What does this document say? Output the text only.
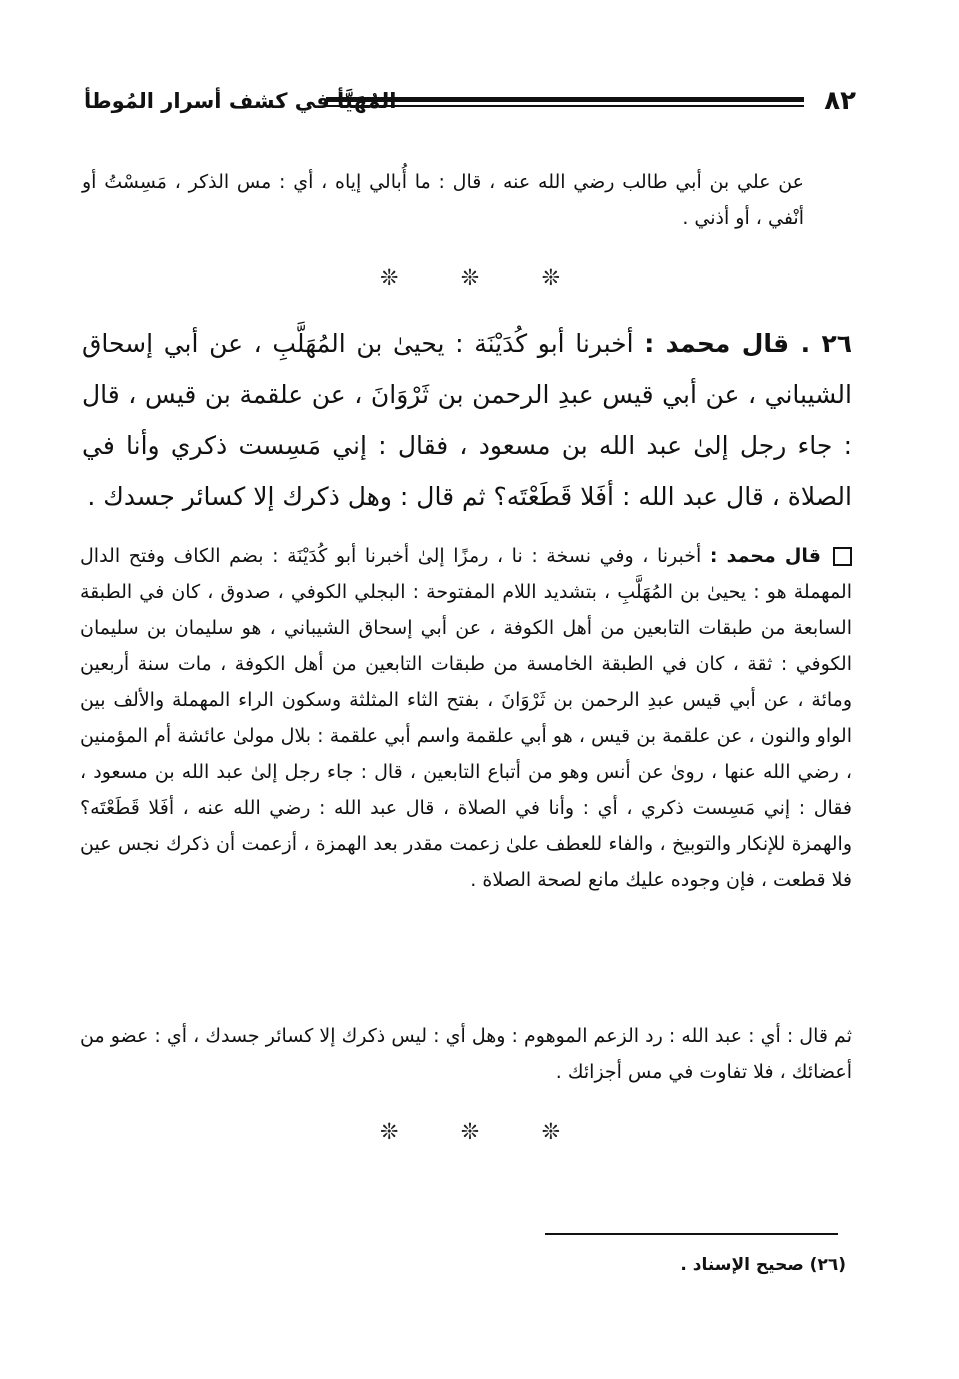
٨٢
المُهَيَّأ في كشف أسرار المُوطأ

عن علي بن أبي طالب رضي الله عنه ، قال : ما أُبالي إياه ، أي : مس الذكر ، مَسِسْتُ أو أنْفي ، أو أذني .

❊	❊	❊

٢٦ . قال محمد : أخبرنا أبو كُدَيْنَة : يحيىٰ بن المُهَلَّبِ ، عن أبي إسحاق الشيباني ، عن أبي قيس عبدِ الرحمن بن ثَرْوَانَ ، عن علقمة بن قيس ، قال : جاء رجل إلىٰ عبد الله بن مسعود ، فقال : إني مَسِست ذكري وأنا في الصلاة ، قال عبد الله : أفَلا قَطَعْتَه؟ ثم قال : وهل ذكرك إلا كسائر جسدك .

قال محمد : أخبرنا ، وفي نسخة : نا ، رمزًا إلىٰ أخبرنا أبو كُدَيْنَة : بضم الكاف وفتح الدال المهملة هو : يحيىٰ بن المُهَلَّبِ ، بتشديد اللام المفتوحة : البجلي الكوفي ، صدوق ، كان في الطبقة السابعة من طبقات التابعين من أهل الكوفة ، عن أبي إسحاق الشيباني ، هو سليمان بن سليمان الكوفي : ثقة ، كان في الطبقة الخامسة من طبقات التابعين من أهل الكوفة ، مات سنة أربعين ومائة ، عن أبي قيس عبدِ الرحمن بن ثَرْوَانَ ، بفتح الثاء المثلثة وسكون الراء المهملة والألف بين الواو والنون ، عن علقمة بن قيس ، هو أبي علقمة واسم أبي علقمة : بلال مولىٰ عائشة أم المؤمنين ، رضي الله عنها ، روىٰ عن أنس وهو من أتباع التابعين ، قال : جاء رجل إلىٰ عبد الله بن مسعود ، فقال : إني مَسِست ذكري ، أي : وأنا في الصلاة ، قال عبد الله : رضي الله عنه ، أفَلا قَطَعْتَه؟ والهمزة للإنكار والتوبيخ ، والفاء للعطف علىٰ زعمت مقدر بعد الهمزة ، أزعمت أن ذكرك نجس عين فلا قطعت ، فإن وجوده عليك مانع لصحة الصلاة .

ثم قال : أي : عبد الله : رد الزعم الموهوم : وهل أي : ليس ذكرك إلا كسائر جسدك ، أي : عضو من أعضائك ، فلا تفاوت في مس أجزائك .

❊	❊	❊
(٢٦) صحيح الإسناد .
